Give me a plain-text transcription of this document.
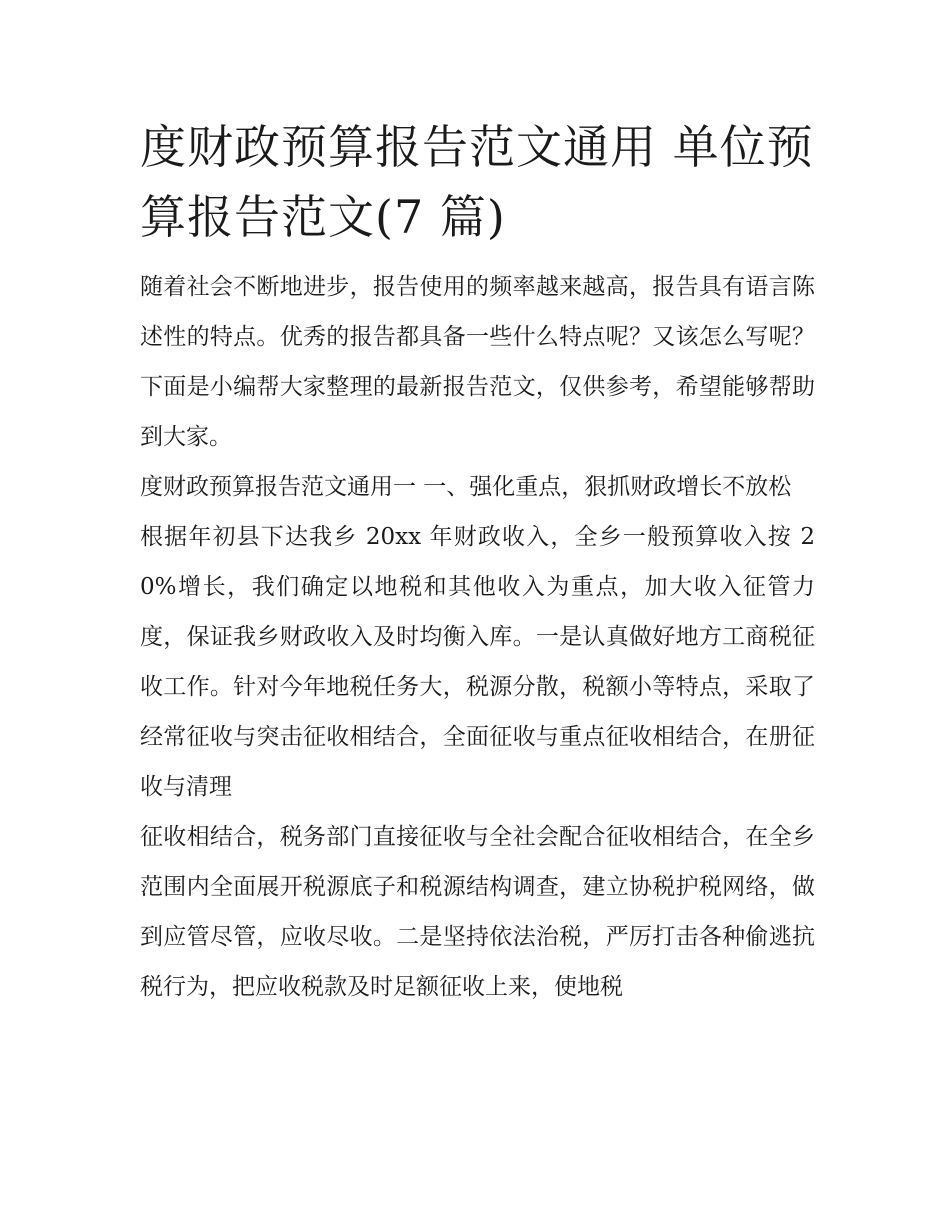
度财政预算报告范文通用 单位预算报告范文(7 篇)

随着社会不断地进步，报告使用的频率越来越高，报告具有语言陈述性的特点。优秀的报告都具备一些什么特点呢？又该怎么写呢？下面是小编帮大家整理的最新报告范文，仅供参考，希望能够帮助到大家。

度财政预算报告范文通用一 一、强化重点，狠抓财政增长不放松

根据年初县下达我乡 20xx 年财政收入，全乡一般预算收入按 20%增长，我们确定以地税和其他收入为重点，加大收入征管力度，保证我乡财政收入及时均衡入库。一是认真做好地方工商税征收工作。针对今年地税任务大，税源分散，税额小等特点，采取了经常征收与突击征收相结合，全面征收与重点征收相结合，在册征收与清理

征收相结合，税务部门直接征收与全社会配合征收相结合，在全乡范围内全面展开税源底子和税源结构调查，建立协税护税网络，做到应管尽管，应收尽收。二是坚持依法治税，严厉打击各种偷逃抗税行为，把应收税款及时足额征收上来，使地税
